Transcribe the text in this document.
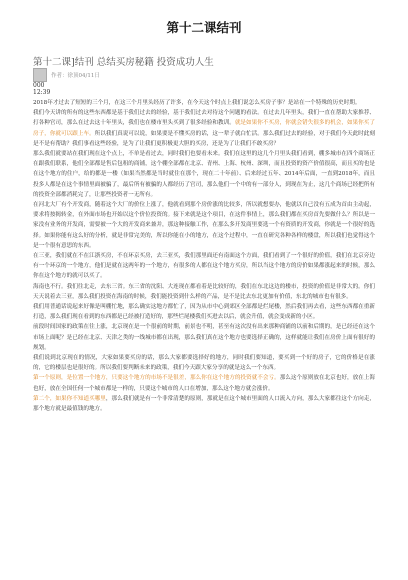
第十二课结刊
第十二课]结刊 总结买房秘籍 投资成功人生
作者：徐顶04/11日
000
12:39

2018年才过去了短短的三个月，在这三个月里头经历了许多，在今天这个时点上我们说怎么买房子事？是站在一个特殊的历史时期。

我们今天讲的所有的这些东西都是基于我们过去的经验，基于我们过去对待这个问题的看法。在过去几年里头，我们一直在帮助大家推荐、打各种官司，那么在过去这十年里头，我们也在楼市里头买到了很多经验和教训。就是如果你不买房，你就会错失很多的机会，如果你买了房子，你就可以跟上车。所以我们真说可以说，如果要是不懂买房的话，这一辈子就白忙活。那么我们过去的经验，对于我们今天此时此刻是不是有帮助？我们事看这些经验，是为了让我们更积极更大胆的买房，还是为了让我们不敢买房？

那么我们就要站在我们现在这个点上，不单是看过去，同时我们也要看未来。我们在这里的这几个月里头我们看到，棚多城市在四个商场正在跟我们联系，他们全部都是售后包租的商铺，这个棚全部都在北京、青州、上海、杭州、深圳，而且投资的资产价值很高，而且买的也是在这个地方的住户，给的都是一楼（如果当然都是当时就住在那个，现在二十年前）、后来经过五年、2014年后面，一直到2018年，而且投多人都是在这个事情里面被骗了，最后所有被骗的人都经历了官司，那么他们一个中的有一部分人，到现在为止，这几个商场已经把所有的投资全部都消耗完了，让那些投资者一无所有。

在河北大厂有个开发商，随着这个大厂的价位上涨了，他就看到那个房价涨的比较多，所以就想要办，他就以自己没有五成为首由主动起，要求将按揭转金，在外面市场也开始以这个价位投资的。接下来就是这个项目，在这件事情上，那么我们都在买房首先要做什么？所以是一家没有业务的开发商，需要被一个大的开发商来兼并，那这种接触工作，在那么多开发商里要选一个有资质的开发商，你就是一个很好的选择。如果你能有这么好的分析，就是非常完美的，所以你能在小的地方，在这个过程中，一直在研究各种各样的楼盘，所以我们也觉得这个是一个很有意思的东西。

在三亚，我们就在不在江浙买房，不在环京买房，去三亚买，我们那里面还有南面这个方面，我们看到了一个很好的价值，我们在北京旁边有一个环京的一个地方，他们是就在这两年的一个地方，有很多的人都在这个地方买房，所以当这个地方的房价如果都涨起来的时候，那么你在这个地方的就可以买了。

海南也不行。我们往北走，去东三省。东三省的沈阳、大连现在都看着是比较好的，我们在东北这边的楼市，投资的价值是非常大的。你们天天说着去三亚，那么我们投资在海南的时候，我们能投资到什么样的产品，是不是比去东北更加有价值，东北的城市也有很多。

我们用普通话说起来好像是叫棚忙地，那么确实这地方都忙了，因为从市中心到郊区全部都是烂尾楼，然后我们再去看，这些东西都在重新打造，那么我们现在看到的东西都是已经被打造好的，那些烂尾楼我们买进去以后，就会升值，就会变成新的小区。

前段时间国家的政策在往上涨，北京现在是一个很前的时期，前景也不明，甚至有这次没有出来那种商铺的以前和后期的，是已经还在这个市场上面呢？是已经在北京、天津之类的一线城市都在出现，那么我们真在这个地方也要选择正确的，这样就能让我们在房价上面有很好的规划。

我们说到北京现在的情况，大家如果要买房的话，那么大家都要选择好的地方，同时我们要知道，要买到一个好的房子，它的价格是在涨的，它的楼层也是很好的。所以我们要判断未来的政策，我们今天跟大家分享的就是这么一个东西。

第一个原则，是位置一个地方，只要这个地方的市场不是很差，那么你在这个地方的投资就不会亏。那么这个原则放在北京也好，放在上海也好，放在全国任何一个城市都是一样的，只要这个城市的人口在增加，那么这个地方就会涨价。

第二个，如果你不知道买哪里，那么我们就是有一个非常清楚的原则，那就是在这个城市里面的人口流入方向，那么大家都往这个方向走，那个地方就是最值钱的地方。
